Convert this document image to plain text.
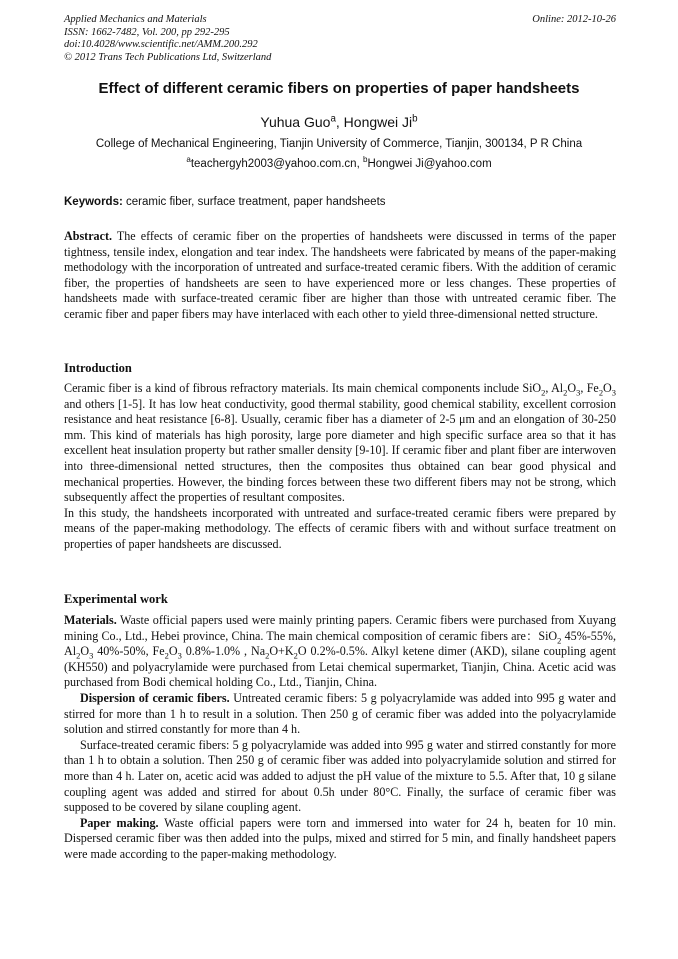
Applied Mechanics and Materials
ISSN: 1662-7482, Vol. 200, pp 292-295
doi:10.4028/www.scientific.net/AMM.200.292
© 2012 Trans Tech Publications Ltd, Switzerland
Online: 2012-10-26
Effect of different ceramic fibers on properties of paper handsheets
Yuhua Guo$^a$, Hongwei Ji$^b$
College of Mechanical Engineering, Tianjin University of Commerce, Tianjin, 300134, P R China
$^a$teachergyh2003@yahoo.com.cn, $^b$Hongwei Ji@yahoo.com
Keywords: ceramic fiber, surface treatment, paper handsheets

Abstract. The effects of ceramic fiber on the properties of handsheets were discussed in terms of the paper tightness, tensile index, elongation and tear index. The handsheets were fabricated by means of the paper-making methodology with the incorporation of untreated and surface-treated ceramic fibers. With the addition of ceramic fiber, the properties of handsheets are seen to have experienced more or less changes. These properties of handsheets made with surface-treated ceramic fiber are higher than those with untreated ceramic fiber. The ceramic fiber and paper fibers may have interlaced with each other to yield three-dimensional netted structure.

Introduction

Ceramic fiber is a kind of fibrous refractory materials. Its main chemical components include SiO$_2$, $Al_2O_3$, $Fe_2O_3$ and others [1-5]. It has low heat conductivity, good thermal stability, good chemical stability, excellent corrosion resistance and heat resistance [6-8]. Usually, ceramic fiber has a diameter of 2-5 μm and an elongation of 30-250 mm. This kind of materials has high porosity, large pore diameter and high specific surface area so that it has excellent heat insulation property but rather smaller density [9-10]. If ceramic fiber and plant fiber are interwoven into three-dimensional netted structures, then the composites thus obtained can bear good physical and mechanical properties. However, the binding forces between these two different fibers may not be strong, which subsequently affect the properties of resultant composites.

In this study, the handsheets incorporated with untreated and surface-treated ceramic fibers were prepared by means of the paper-making methodology. The effects of ceramic fibers with and without surface treatment on properties of paper handsheets are discussed.

Experimental work

Materials. Waste official papers used were mainly printing papers. Ceramic fibers were purchased from Xuyang mining Co., Ltd., Hebei province, China. The main chemical composition of ceramic fibers are：SiO$_2$ 45%-55%, $Al_2O_3$ 40%-50%, $Fe_2O_3$ 0.8%-1.0% , $Na_2O+K_2O$ 0.2%-0.5%. Alkyl ketene dimer (AKD), silane coupling agent (KH550) and polyacrylamide were purchased from Letai chemical supermarket, Tianjin, China. Acetic acid was purchased from Bodi chemical holding Co., Ltd., Tianjin, China.

Dispersion of ceramic fibers. Untreated ceramic fibers: 5 g polyacrylamide was added into 995 g water and stirred for more than 1 h to result in a solution. Then 250 g of ceramic fiber was added into the polyacrylamide solution and stirred constantly for more than 4 h.

Surface-treated ceramic fibers: 5 g polyacrylamide was added into 995 g water and stirred constantly for more than 1 h to obtain a solution. Then 250 g of ceramic fiber was added into polyacrylamide solution and stirred for more than 4 h. Later on, acetic acid was added to adjust the pH value of the mixture to 5.5. After that, 10 g silane coupling agent was added and stirred for about 0.5h under 80°C. Finally, the surface of ceramic fiber was supposed to be covered by silane coupling agent.

Paper making. Waste official papers were torn and immersed into water for 24 h, beaten for 10 min. Dispersed ceramic fiber was then added into the pulps, mixed and stirred for 5 min, and finally handsheet papers were made according to the paper-making methodology.
